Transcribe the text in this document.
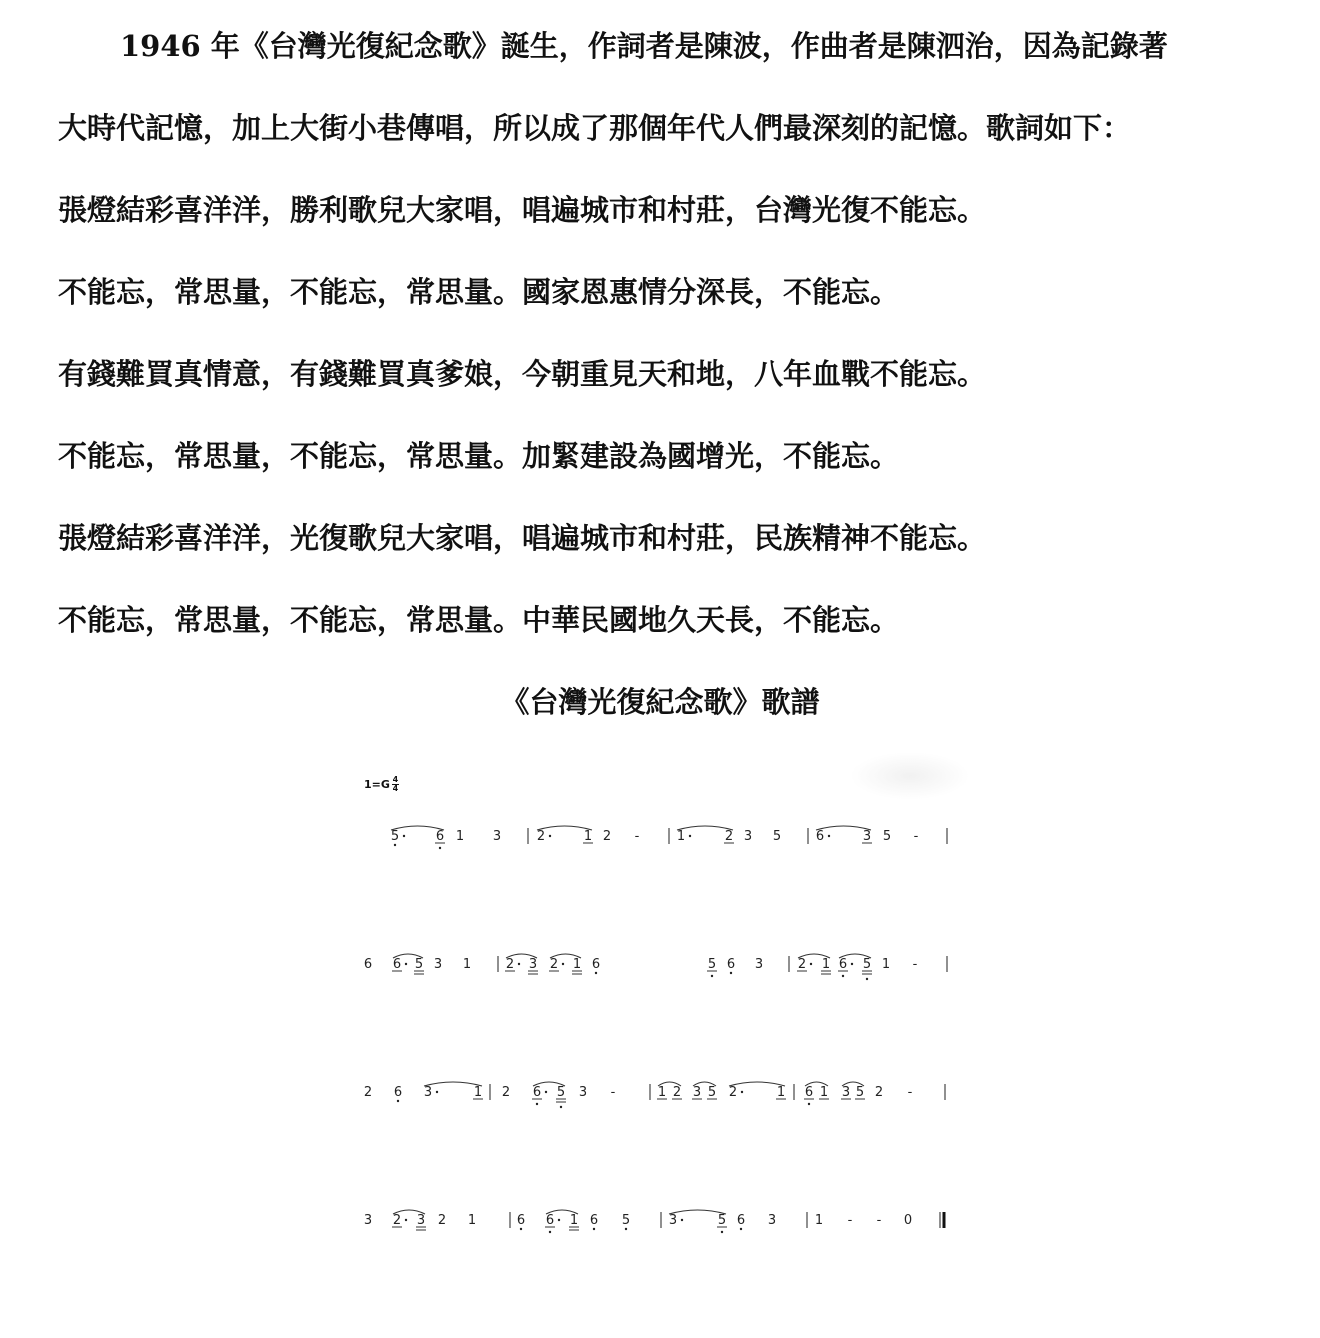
1946 年《台灣光復紀念歌》誕生，作詞者是陳波，作曲者是陳泗治，因為記錄著
大時代記憶，加上大街小巷傳唱，所以成了那個年代人們最深刻的記憶。歌詞如下：
張燈結彩喜洋洋，勝利歌兒大家唱，唱遍城市和村莊，台灣光復不能忘。
不能忘，常思量，不能忘，常思量。國家恩惠情分深長，不能忘。
有錢難買真情意，有錢難買真爹娘，今朝重見天和地，八年血戰不能忘。
不能忘，常思量，不能忘，常思量。加緊建設為國增光，不能忘。
張燈結彩喜洋洋，光復歌兒大家唱，唱遍城市和村莊，民族精神不能忘。
不能忘，常思量，不能忘，常思量。中華民國地久天長，不能忘。
《台灣光復紀念歌》歌譜
$1=G \frac{4}{4}$
5	6 1 3	2	1 2 -	1	2 3 5	6	3 5 -
6 6 5 3 1	2 3 2 1 6	5 6 3	2 1 6 5 1 -
2 6 3	1 2 6 5 3 -	1 2 3 5 2	1 6 1 3 5 2 -
3 2 3 2 1	6 6 1 6 5	3	5 6 3	1 - - 0
